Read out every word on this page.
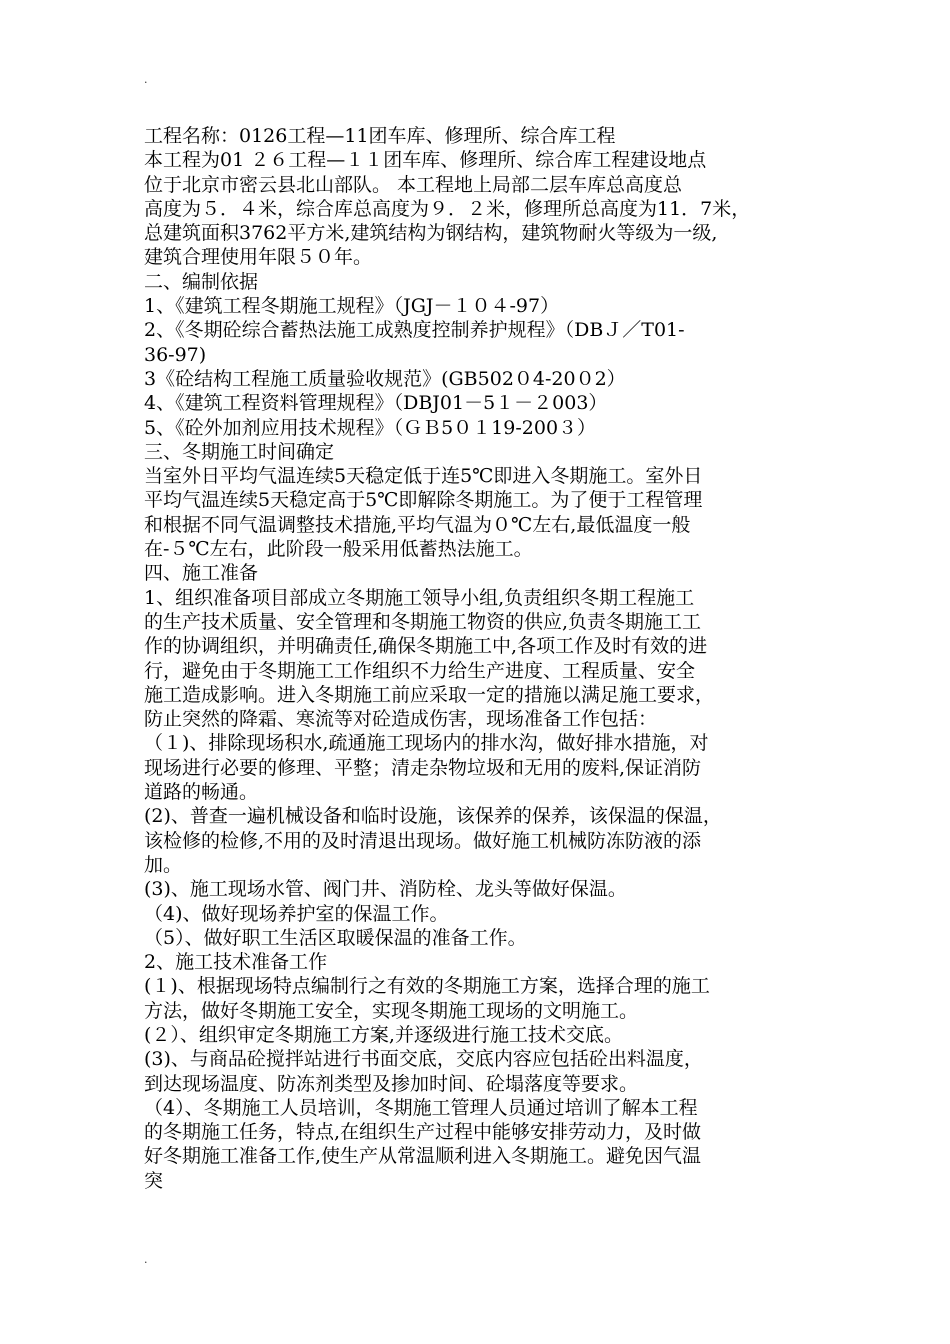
.
工程名称：0126工程—11团车库、修理所、综合库工程
本工程为01 ２６工程—１１团车库、修理所、综合库工程建设地点
位于北京市密云县北山部队。 本工程地上局部二层车库总高度总
高度为５．４米，综合库总高度为９．２米，修理所总高度为11．7米，
总建筑面积3762平方米,建筑结构为钢结构，建筑物耐火等级为一级,
建筑合理使用年限５０年。
二、编制依据
1、《建筑工程冬期施工规程》（JGJ－１０４-97）
2、《冬期砼综合蓄热法施工成熟度控制养护规程》（DBＪ／T01-
36-97)
3《砼结构工程施工质量验收规范》(GB502０4-20０2）
4、《建筑工程资料管理规程》（DBJ01－5１－２003）
5、《砼外加剂应用技术规程》（ＧＢ5０１19-200３）
三、冬期施工时间确定
当室外日平均气温连续5天稳定低于连5℃即进入冬期施工。室外日
平均气温连续5天稳定高于5℃即解除冬期施工。为了便于工程管理
和根据不同气温调整技术措施,平均气温为０℃左右,最低温度一般
在-５℃左右，此阶段一般采用低蓄热法施工。
四、施工准备
1、组织准备项目部成立冬期施工领导小组,负责组织冬期工程施工
的生产技术质量、安全管理和冬期施工物资的供应,负责冬期施工工
作的协调组织，并明确责任,确保冬期施工中,各项工作及时有效的进
行，避免由于冬期施工工作组织不力给生产进度、工程质量、安全
施工造成影响。进入冬期施工前应采取一定的措施以满足施工要求，
防止突然的降霜、寒流等对砼造成伤害，现场准备工作包括：
（１)、排除现场积水,疏通施工现场内的排水沟，做好排水措施，对
现场进行必要的修理、平整；清走杂物垃圾和无用的废料,保证消防
道路的畅通。
(2)、普查一遍机械设备和临时设施，该保养的保养，该保温的保温，
该检修的检修,不用的及时清退出现场。做好施工机械防冻防液的添
加。
(3)、施工现场水管、阀门井、消防栓、龙头等做好保温。
（4)、做好现场养护室的保温工作。
（5）、做好职工生活区取暖保温的准备工作。
2、施工技术准备工作
(１)、根据现场特点编制行之有效的冬期施工方案，选择合理的施工
方法，做好冬期施工安全，实现冬期施工现场的文明施工。
(２）、组织审定冬期施工方案,并逐级进行施工技术交底。
(3)、与商品砼搅拌站进行书面交底，交底内容应包括砼出料温度，
到达现场温度、防冻剂类型及掺加时间、砼塌落度等要求。
（4）、冬期施工人员培训，冬期施工管理人员通过培训了解本工程
的冬期施工任务，特点,在组织生产过程中能够安排劳动力，及时做
好冬期施工准备工作,使生产从常温顺利进入冬期施工。避免因气温
突
.
